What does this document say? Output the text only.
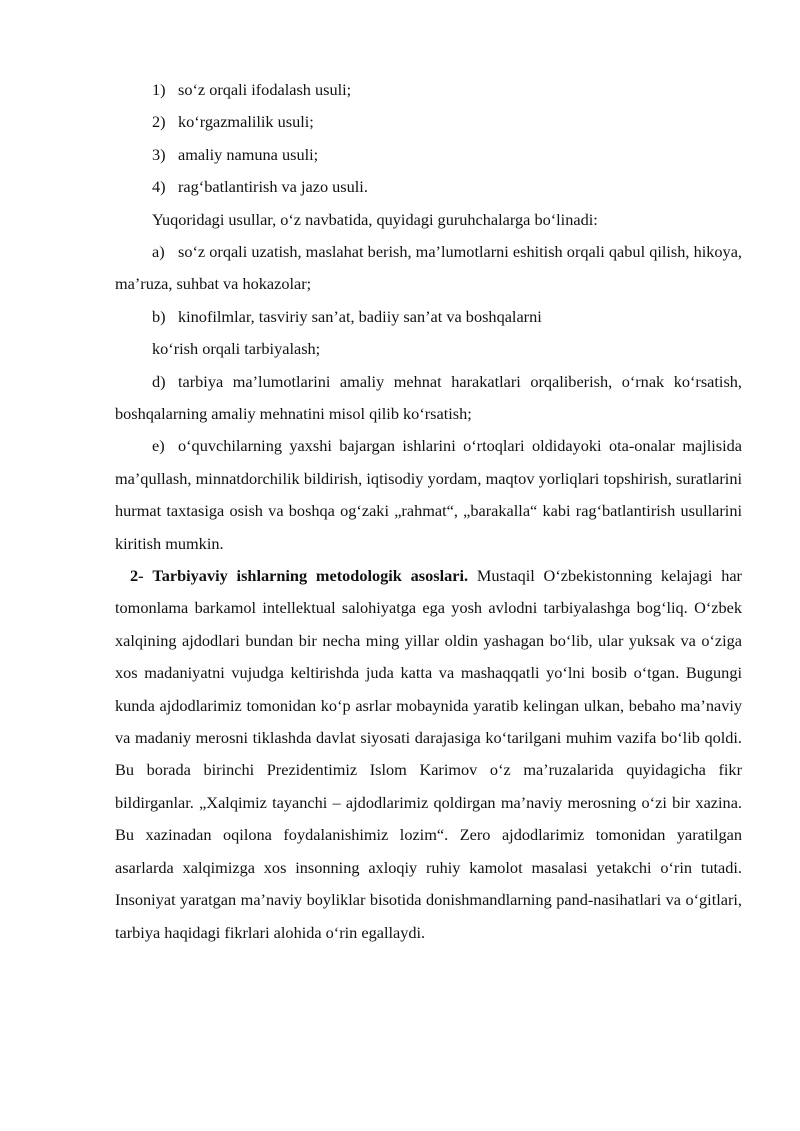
1) so‘z orqali ifodalash usuli;
2) ko‘rgazmalilik usuli;
3) amaliy namuna usuli;
4) rag‘batlantirish va jazo usuli.

Yuqoridagi usullar, o‘z navbatida, quyidagi guruhchalarga bo‘linadi:

a) so‘z orqali uzatish, maslahat berish, ma’lumotlarni eshitish orqali qabul qilish, hikoya, ma’ruza, suhbat va hokazolar;

b) kinofilmlar, tasviriy san’at, badiiy san’at va boshqalarni

ko‘rish orqali tarbiyalash;

d) tarbiya ma’lumotlarini amaliy mehnat harakatlari orqaliberish, o‘rnak ko‘rsatish, boshqalarning amaliy mehnatini misol qilib ko‘rsatish;

e) o‘quvchilarning yaxshi bajargan ishlarini o‘rtoqlari oldidayoki ota-onalar majlisida ma’qullash, minnatdorchilik bildirish, iqtisodiy yordam, maqtov yorliqlari topshirish, suratlarini hurmat taxtasiga osish va boshqa og‘zaki „rahmat“, „barakalla“ kabi rag‘batlantirish usullarini kiritish mumkin.

2- Tarbiyaviy ishlarning metodologik asoslari. Mustaqil O‘zbekistonning kelajagi har tomonlama barkamol intellektual salohiyatga ega yosh avlodni tarbiyalashga bog‘liq. O‘zbek xalqining ajdodlari bundan bir necha ming yillar oldin yashagan bo‘lib, ular yuksak va o‘ziga xos madaniyatni vujudga keltirishda juda katta va mashaqqatli yo‘lni bosib o‘tgan. Bugungi kunda ajdodlarimiz tomonidan ko‘p asrlar mobaynida yaratib kelingan ulkan, bebaho ma’naviy va madaniy merosni tiklashda davlat siyosati darajasiga ko‘tarilgani muhim vazifa bo‘lib qoldi. Bu borada birinchi Prezidentimiz Islom Karimov o‘z ma’ruzalarida quyidagicha fikr bildirganlar. „Xalqimiz tayanchi – ajdodlarimiz qoldirgan ma’naviy merosning o‘zi bir xazina. Bu xazinadan oqilona foydalanishimiz lozim“. Zero ajdodlarimiz tomonidan yaratilgan asarlarda xalqimizga xos insonning axloqiy ruhiy kamolot masalasi yetakchi o‘rin tutadi. Insoniyat yaratgan ma’naviy boyliklar bisotida donishmandlarning pand-nasihatlari va o‘gitlari, tarbiya haqidagi fikrlari alohida o‘rin egallaydi.
